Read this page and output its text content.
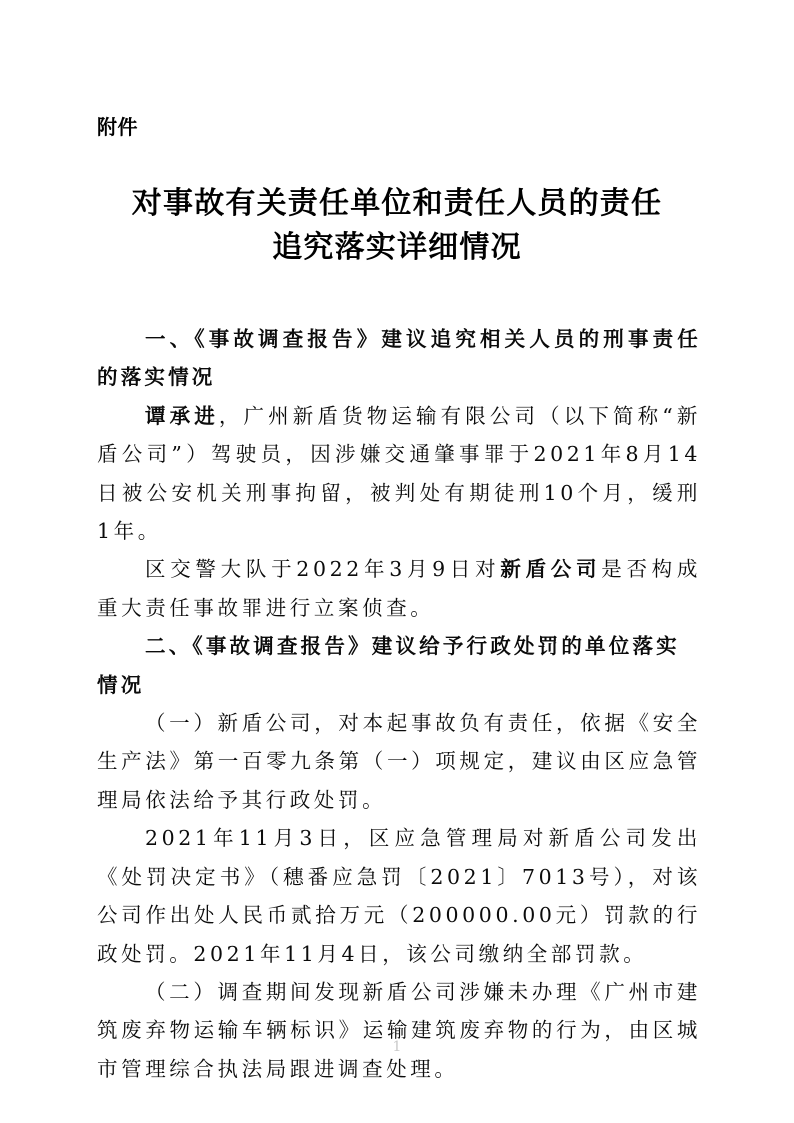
附件
对事故有关责任单位和责任人员的责任
追究落实详细情况

一、《事故调查报告》建议追究相关人员的刑事责任的落实情况

谭承进，广州新盾货物运输有限公司（以下简称“新盾公司”）驾驶员，因涉嫌交通肇事罪于2021年8月14日被公安机关刑事拘留，被判处有期徒刑10个月，缓刑1年。

区交警大队于2022年3月9日对新盾公司是否构成重大责任事故罪进行立案侦查。

二、《事故调查报告》建议给予行政处罚的单位落实情况

（一）新盾公司，对本起事故负有责任，依据《安全生产法》第一百零九条第（一）项规定，建议由区应急管理局依法给予其行政处罚。

2021年11月3日，区应急管理局对新盾公司发出《处罚决定书》（穗番应急罚〔2021〕7013号），对该公司作出处人民币贰拾万元（200000.00元）罚款的行政处罚。2021年11月4日，该公司缴纳全部罚款。

（二）调查期间发现新盾公司涉嫌未办理《广州市建筑废弃物运输车辆标识》运输建筑废弃物的行为，由区城市管理综合执法局跟进调查处理。

1
